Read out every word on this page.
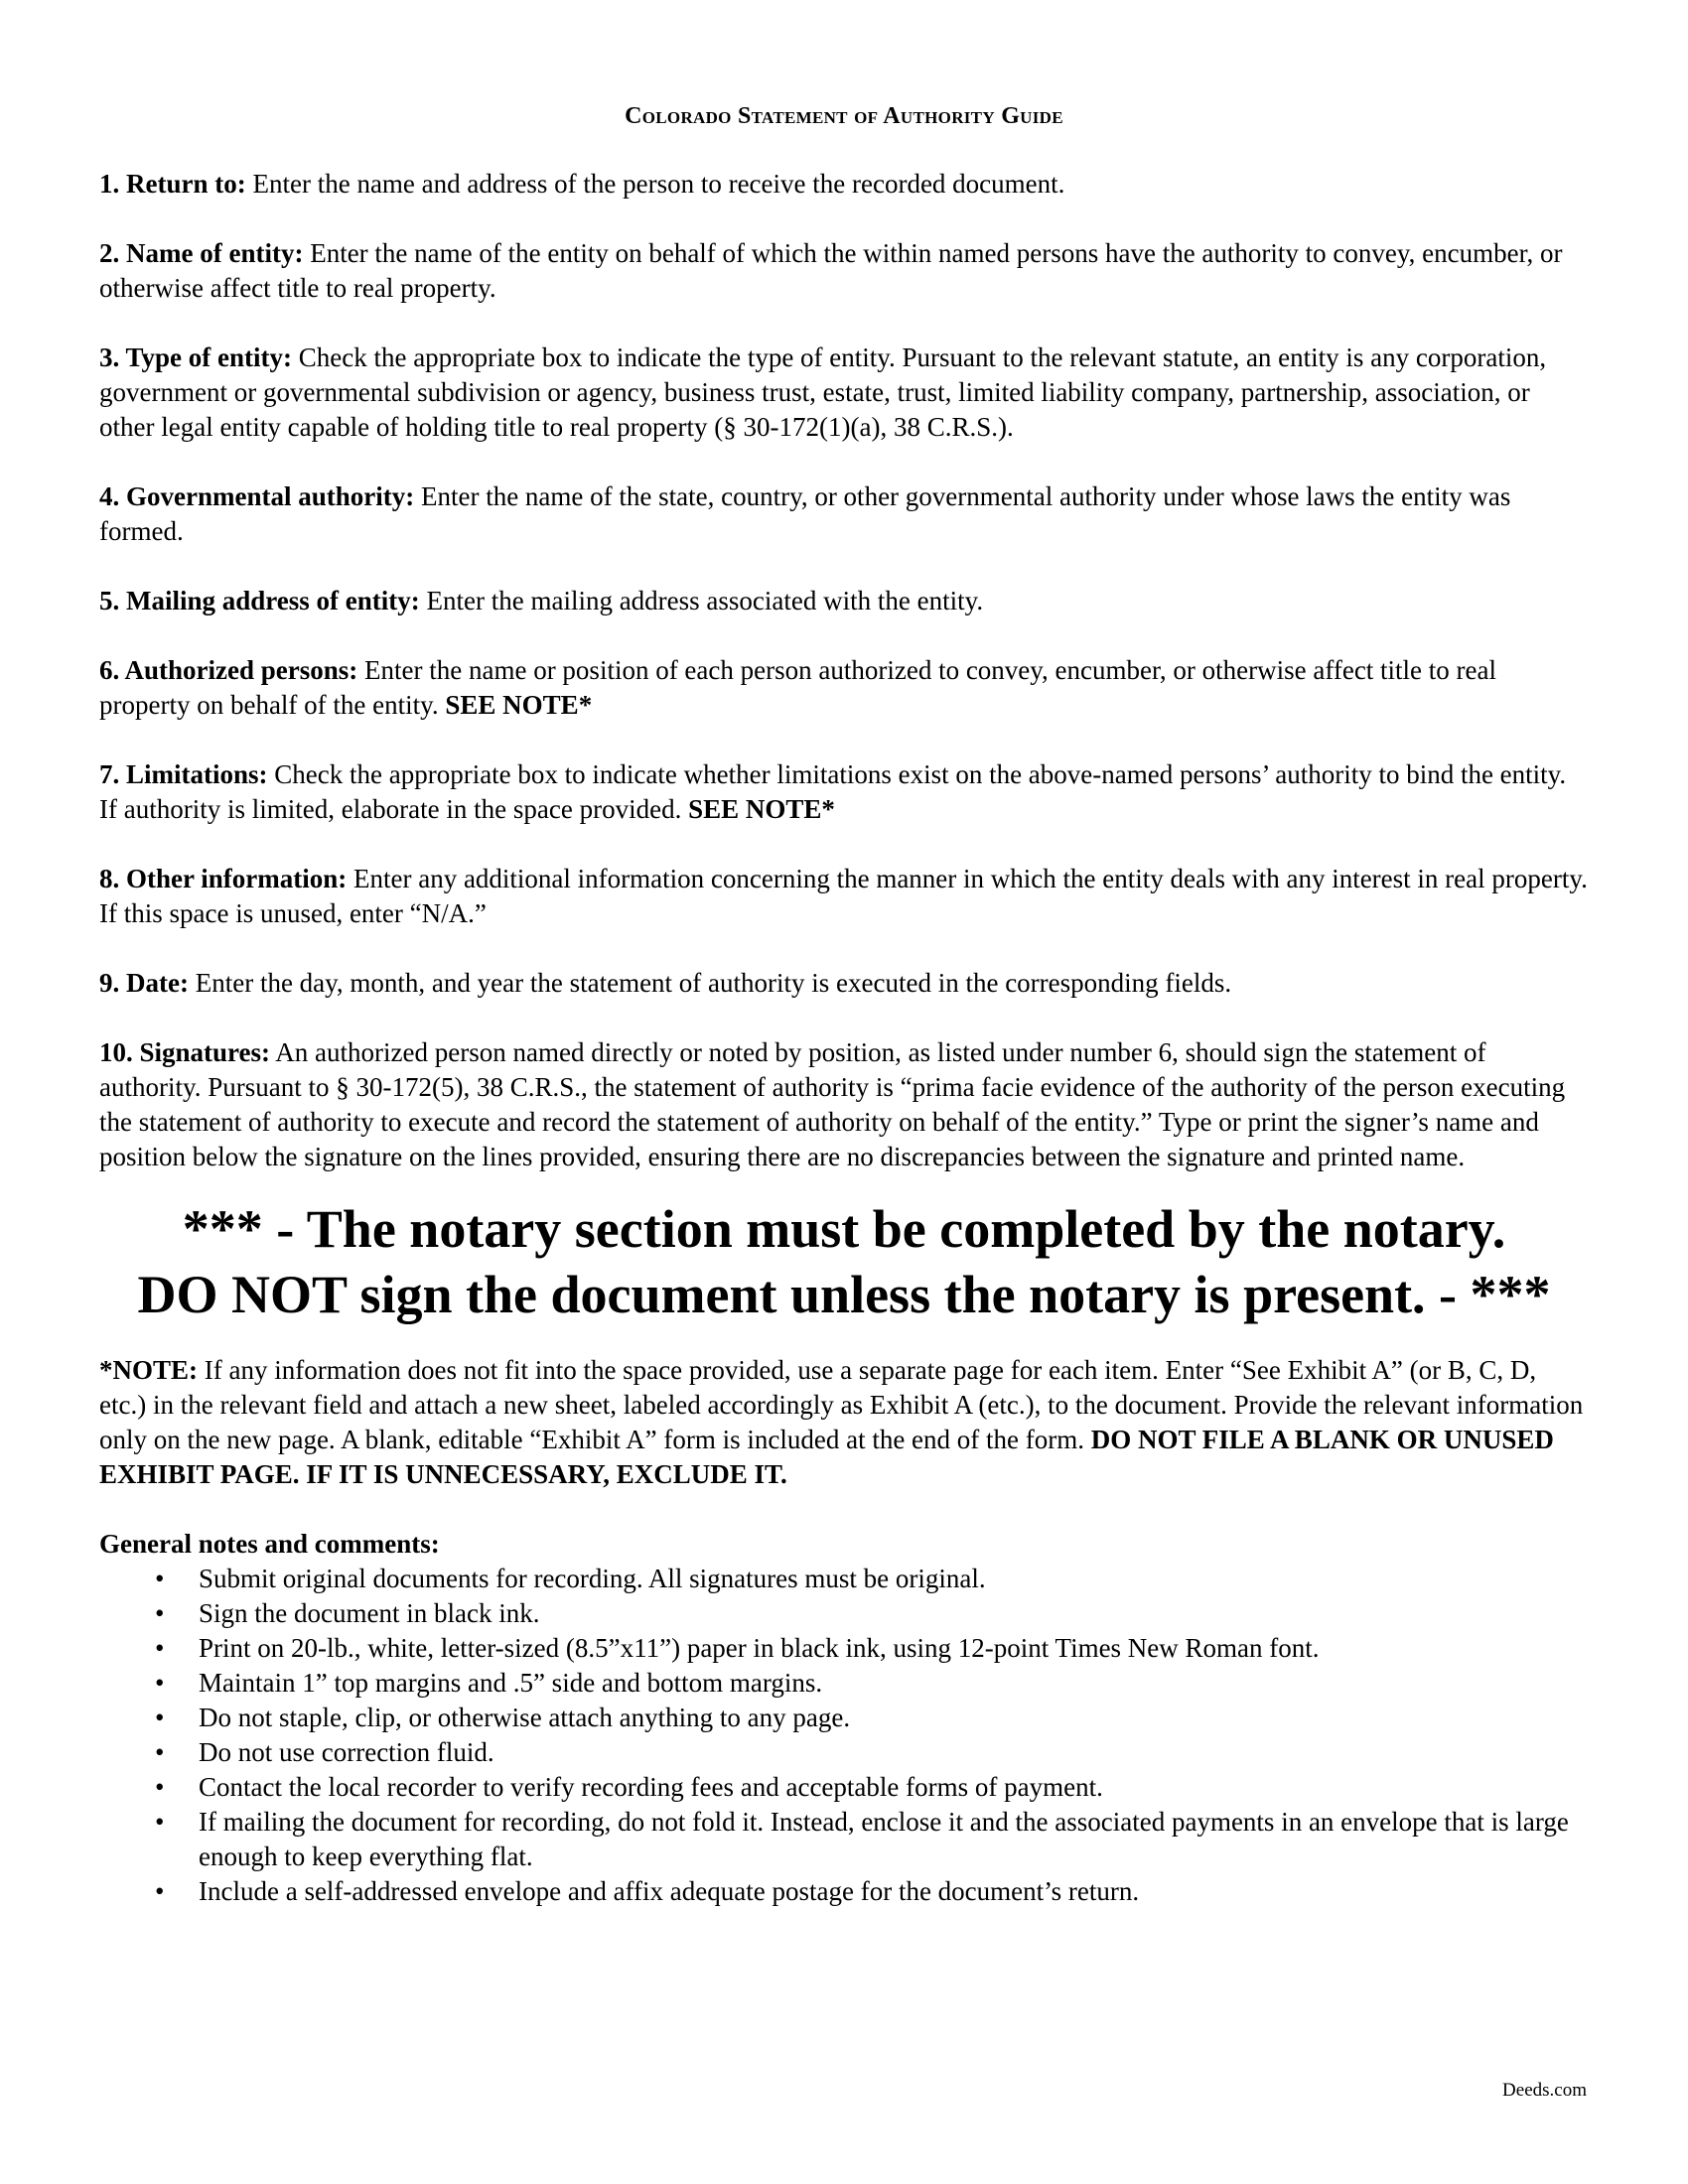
Colorado Statement of Authority Guide
1. Return to: Enter the name and address of the person to receive the recorded document.
2. Name of entity: Enter the name of the entity on behalf of which the within named persons have the authority to convey, encumber, or otherwise affect title to real property.
3. Type of entity: Check the appropriate box to indicate the type of entity. Pursuant to the relevant statute, an entity is any corporation, government or governmental subdivision or agency, business trust, estate, trust, limited liability company, partnership, association, or other legal entity capable of holding title to real property (§ 30-172(1)(a), 38 C.R.S.).
4. Governmental authority: Enter the name of the state, country, or other governmental authority under whose laws the entity was formed.
5. Mailing address of entity: Enter the mailing address associated with the entity.
6. Authorized persons: Enter the name or position of each person authorized to convey, encumber, or otherwise affect title to real property on behalf of the entity. SEE NOTE*
7. Limitations: Check the appropriate box to indicate whether limitations exist on the above-named persons’ authority to bind the entity. If authority is limited, elaborate in the space provided. SEE NOTE*
8. Other information: Enter any additional information concerning the manner in which the entity deals with any interest in real property. If this space is unused, enter “N/A.”
9. Date: Enter the day, month, and year the statement of authority is executed in the corresponding fields.
10. Signatures: An authorized person named directly or noted by position, as listed under number 6, should sign the statement of authority. Pursuant to § 30-172(5), 38 C.R.S., the statement of authority is “prima facie evidence of the authority of the person executing the statement of authority to execute and record the statement of authority on behalf of the entity.” Type or print the signer’s name and position below the signature on the lines provided, ensuring there are no discrepancies between the signature and printed name.
*** - The notary section must be completed by the notary.
DO NOT sign the document unless the notary is present. - ***
*NOTE: If any information does not fit into the space provided, use a separate page for each item. Enter “See Exhibit A” (or B, C, D, etc.) in the relevant field and attach a new sheet, labeled accordingly as Exhibit A (etc.), to the document. Provide the relevant information only on the new page. A blank, editable “Exhibit A” form is included at the end of the form. DO NOT FILE A BLANK OR UNUSED EXHIBIT PAGE. IF IT IS UNNECESSARY, EXCLUDE IT.
General notes and comments:
• Submit original documents for recording. All signatures must be original.
• Sign the document in black ink.
• Print on 20-lb., white, letter-sized (8.5”x11”) paper in black ink, using 12-point Times New Roman font.
• Maintain 1” top margins and .5” side and bottom margins.
• Do not staple, clip, or otherwise attach anything to any page.
• Do not use correction fluid.
• Contact the local recorder to verify recording fees and acceptable forms of payment.
• If mailing the document for recording, do not fold it. Instead, enclose it and the associated payments in an envelope that is large enough to keep everything flat.
• Include a self-addressed envelope and affix adequate postage for the document’s return.
Deeds.com
